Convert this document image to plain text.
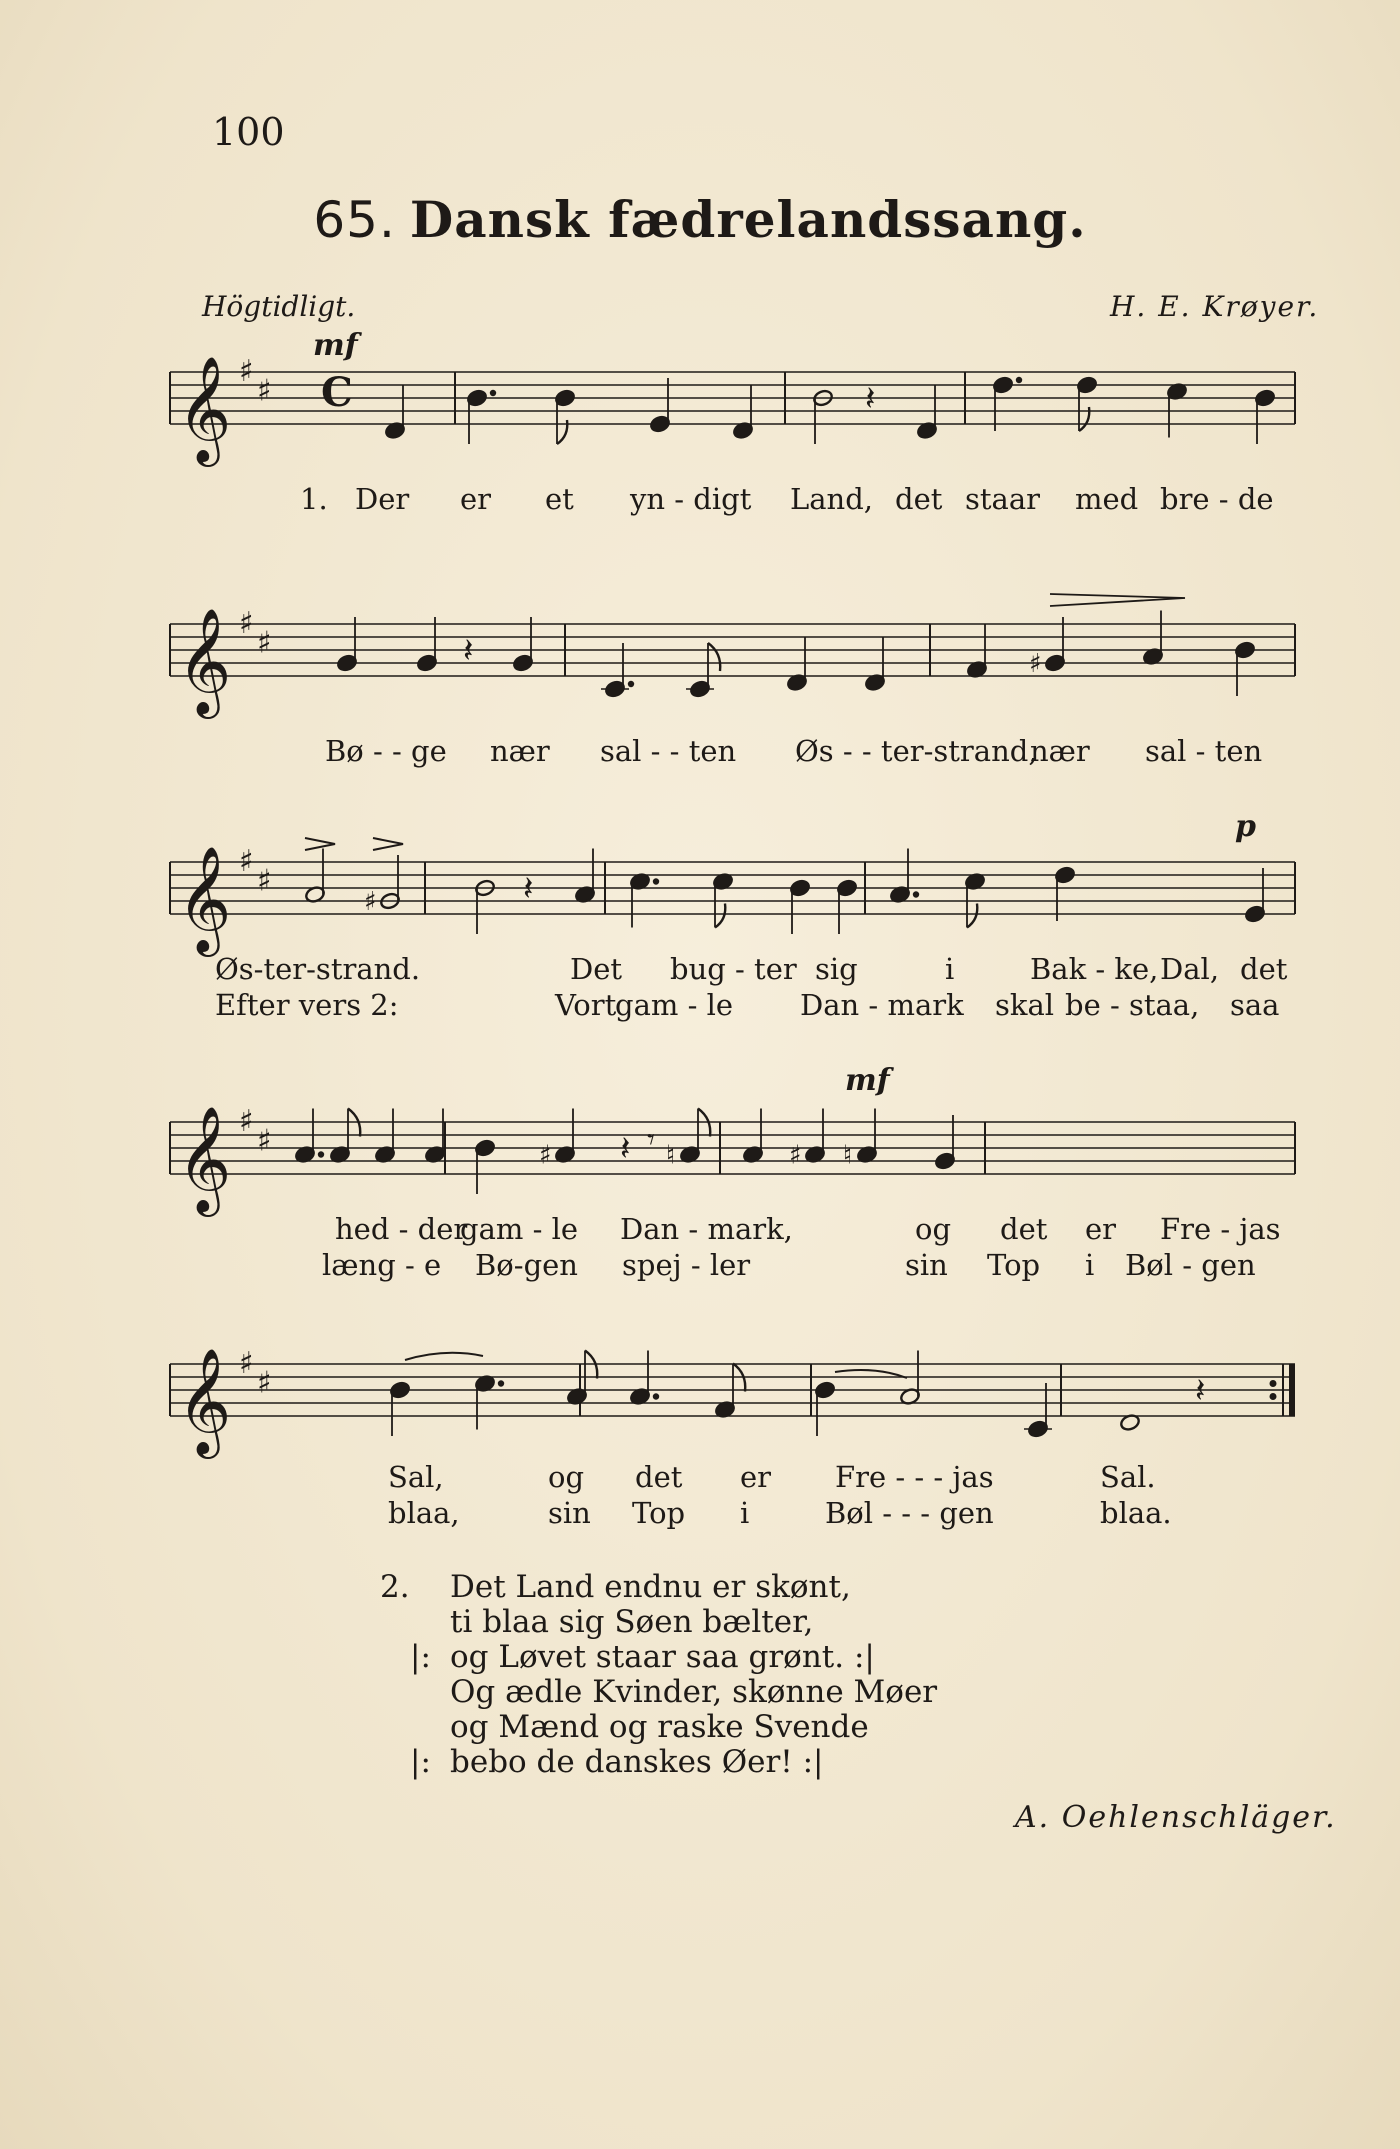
100
65. Dansk fædrelandssang.
Högtidligt.	H. E. Krøyer.
mf
𝄞 ♯
♯ C	𝄽
1. Der er et yn - digt Land, det staar med bre - de
𝄞 ♯
♯	𝄽	♯
Bø - - ge nær sal - - ten Øs - - ter-strand,
nær sal - ten
p
𝄞 ♯
♯
♯	𝄽
Øs-ter-strand.	Det bug - ter sig	i	Bak - ke, Dal, det
Efter vers 2:	Vort
gam - le Dan - mark skal be - staa, saa
mf
𝄞 ♯
♯	♯ 𝄽 𝄾 ♮	♯ ♮
hed - der
gam - le Dan - mark,	og det er Fre - jas
læng - e Bø-gen spej - ler	sin Top i Bøl - gen
𝄞 ♯
♯	𝄽
Sal,	og det er Fre - - - jas	Sal.
blaa,	sin Top i	Bøl - - - gen	blaa.
2. Det Land endnu er skønt,
ti blaa sig Søen bælter,
|: og Løvet staar saa grønt. :|
Og ædle Kvinder, skønne Møer
og Mænd og raske Svende
|: bebo de danskes Øer! :|
A. Oehlenschläger.
